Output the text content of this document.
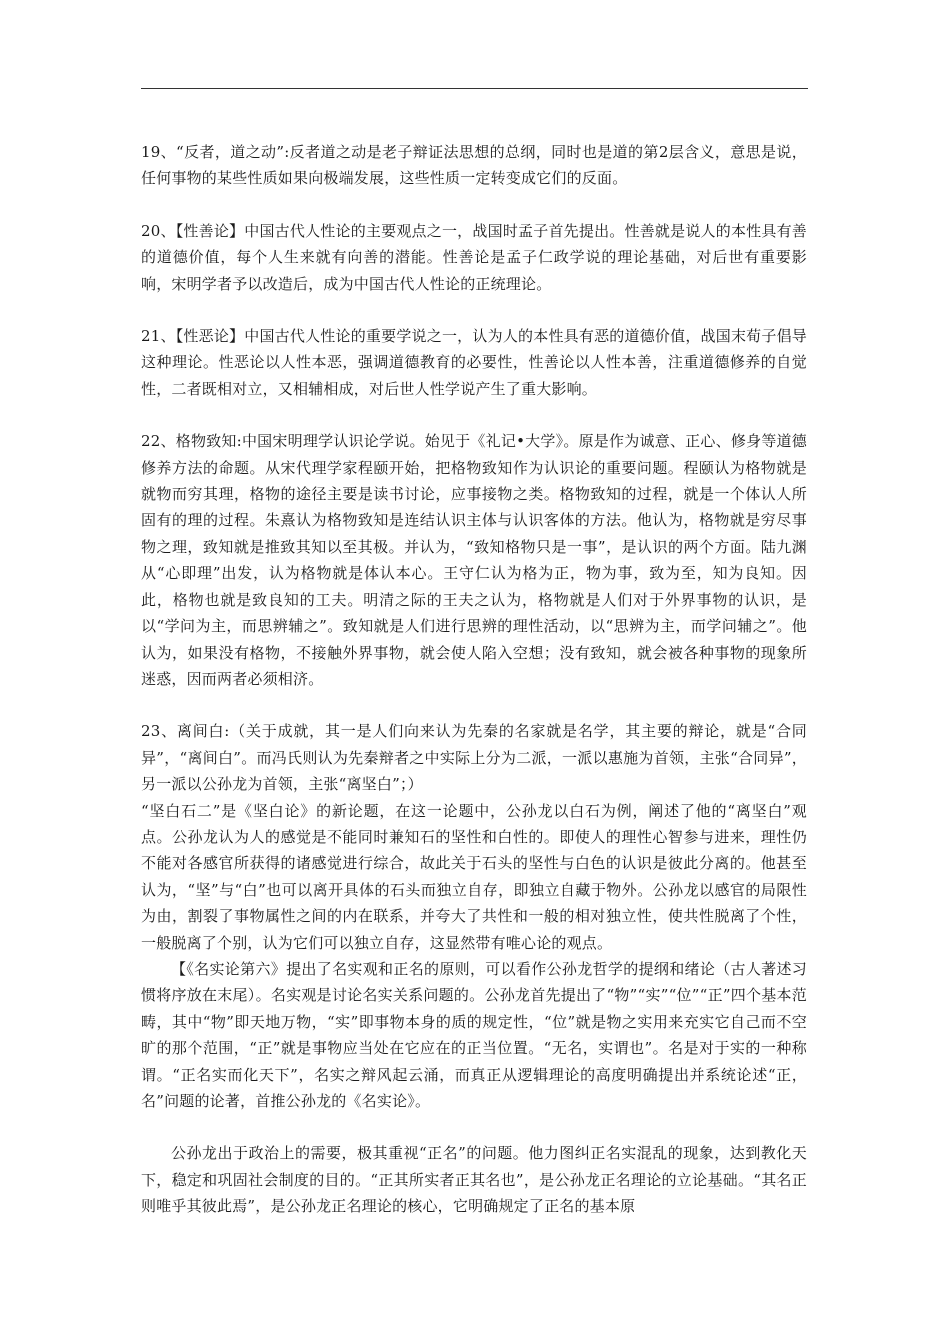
19、“反者，道之动”:反者道之动是老子辩证法思想的总纲，同时也是道的第2层含义，意思是说，任何事物的某些性质如果向极端发展，这些性质一定转变成它们的反面。

20、【性善论】中国古代人性论的主要观点之一，战国时孟子首先提出。性善就是说人的本性具有善的道德价值，每个人生来就有向善的潜能。性善论是孟子仁政学说的理论基础，对后世有重要影响，宋明学者予以改造后，成为中国古代人性论的正统理论。

21、【性恶论】中国古代人性论的重要学说之一，认为人的本性具有恶的道德价值，战国末荀子倡导这种理论。性恶论以人性本恶，强调道德教育的必要性，性善论以人性本善，注重道德修养的自觉性，二者既相对立，又相辅相成，对后世人性学说产生了重大影响。

22、格物致知:中国宋明理学认识论学说。始见于《礼记•大学》。原是作为诚意、正心、修身等道德修养方法的命题。从宋代理学家程颐开始，把格物致知作为认识论的重要问题。程颐认为格物就是就物而穷其理，格物的途径主要是读书讨论，应事接物之类。格物致知的过程，就是一个体认人所固有的理的过程。朱熹认为格物致知是连结认识主体与认识客体的方法。他认为，格物就是穷尽事物之理，致知就是推致其知以至其极。并认为，“致知格物只是一事”，是认识的两个方面。陆九渊从“心即理”出发，认为格物就是体认本心。王守仁认为格为正，物为事，致为至，知为良知。因此，格物也就是致良知的工夫。明清之际的王夫之认为，格物就是人们对于外界事物的认识，是以“学问为主，而思辨辅之”。致知就是人们进行思辨的理性活动，以“思辨为主，而学问辅之”。他认为，如果没有格物，不接触外界事物，就会使人陷入空想；没有致知，就会被各种事物的现象所迷惑，因而两者必须相济。

23、离间白:（关于成就，其一是人们向来认为先秦的名家就是名学，其主要的辩论，就是“合同异”，“离间白”。而冯氏则认为先秦辩者之中实际上分为二派，一派以惠施为首领，主张“合同异”，另一派以公孙龙为首领，主张“离坚白”；）

“坚白石二”是《坚白论》的新论题，在这一论题中，公孙龙以白石为例，阐述了他的“离坚白”观点。公孙龙认为人的感觉是不能同时兼知石的坚性和白性的。即使人的理性心智参与进来，理性仍不能对各感官所获得的诸感觉进行综合，故此关于石头的坚性与白色的认识是彼此分离的。他甚至认为，“坚”与“白”也可以离开具体的石头而独立自存，即独立自藏于物外。公孙龙以感官的局限性为由，割裂了事物属性之间的内在联系，并夸大了共性和一般的相对独立性，使共性脱离了个性，一般脱离了个别，认为它们可以独立自存，这显然带有唯心论的观点。

【《名实论第六》提出了名实观和正名的原则，可以看作公孙龙哲学的提纲和绪论（古人著述习惯将序放在末尾）。名实观是讨论名实关系问题的。公孙龙首先提出了“物”“实”“位”“正”四个基本范畴，其中“物”即天地万物，“实”即事物本身的质的规定性，“位”就是物之实用来充实它自己而不空旷的那个范围，“正”就是事物应当处在它应在的正当位置。“无名，实谓也”。名是对于实的一种称谓。“正名实而化天下”，名实之辩风起云涌，而真正从逻辑理论的高度明确提出并系统论述“正，名”问题的论著，首推公孙龙的《名实论》。

公孙龙出于政治上的需要，极其重视“正名”的问题。他力图纠正名实混乱的现象，达到教化天下，稳定和巩固社会制度的目的。“正其所实者正其名也”，是公孙龙正名理论的立论基础。“其名正则唯乎其彼此焉”，是公孙龙正名理论的核心，它明确规定了正名的基本原
